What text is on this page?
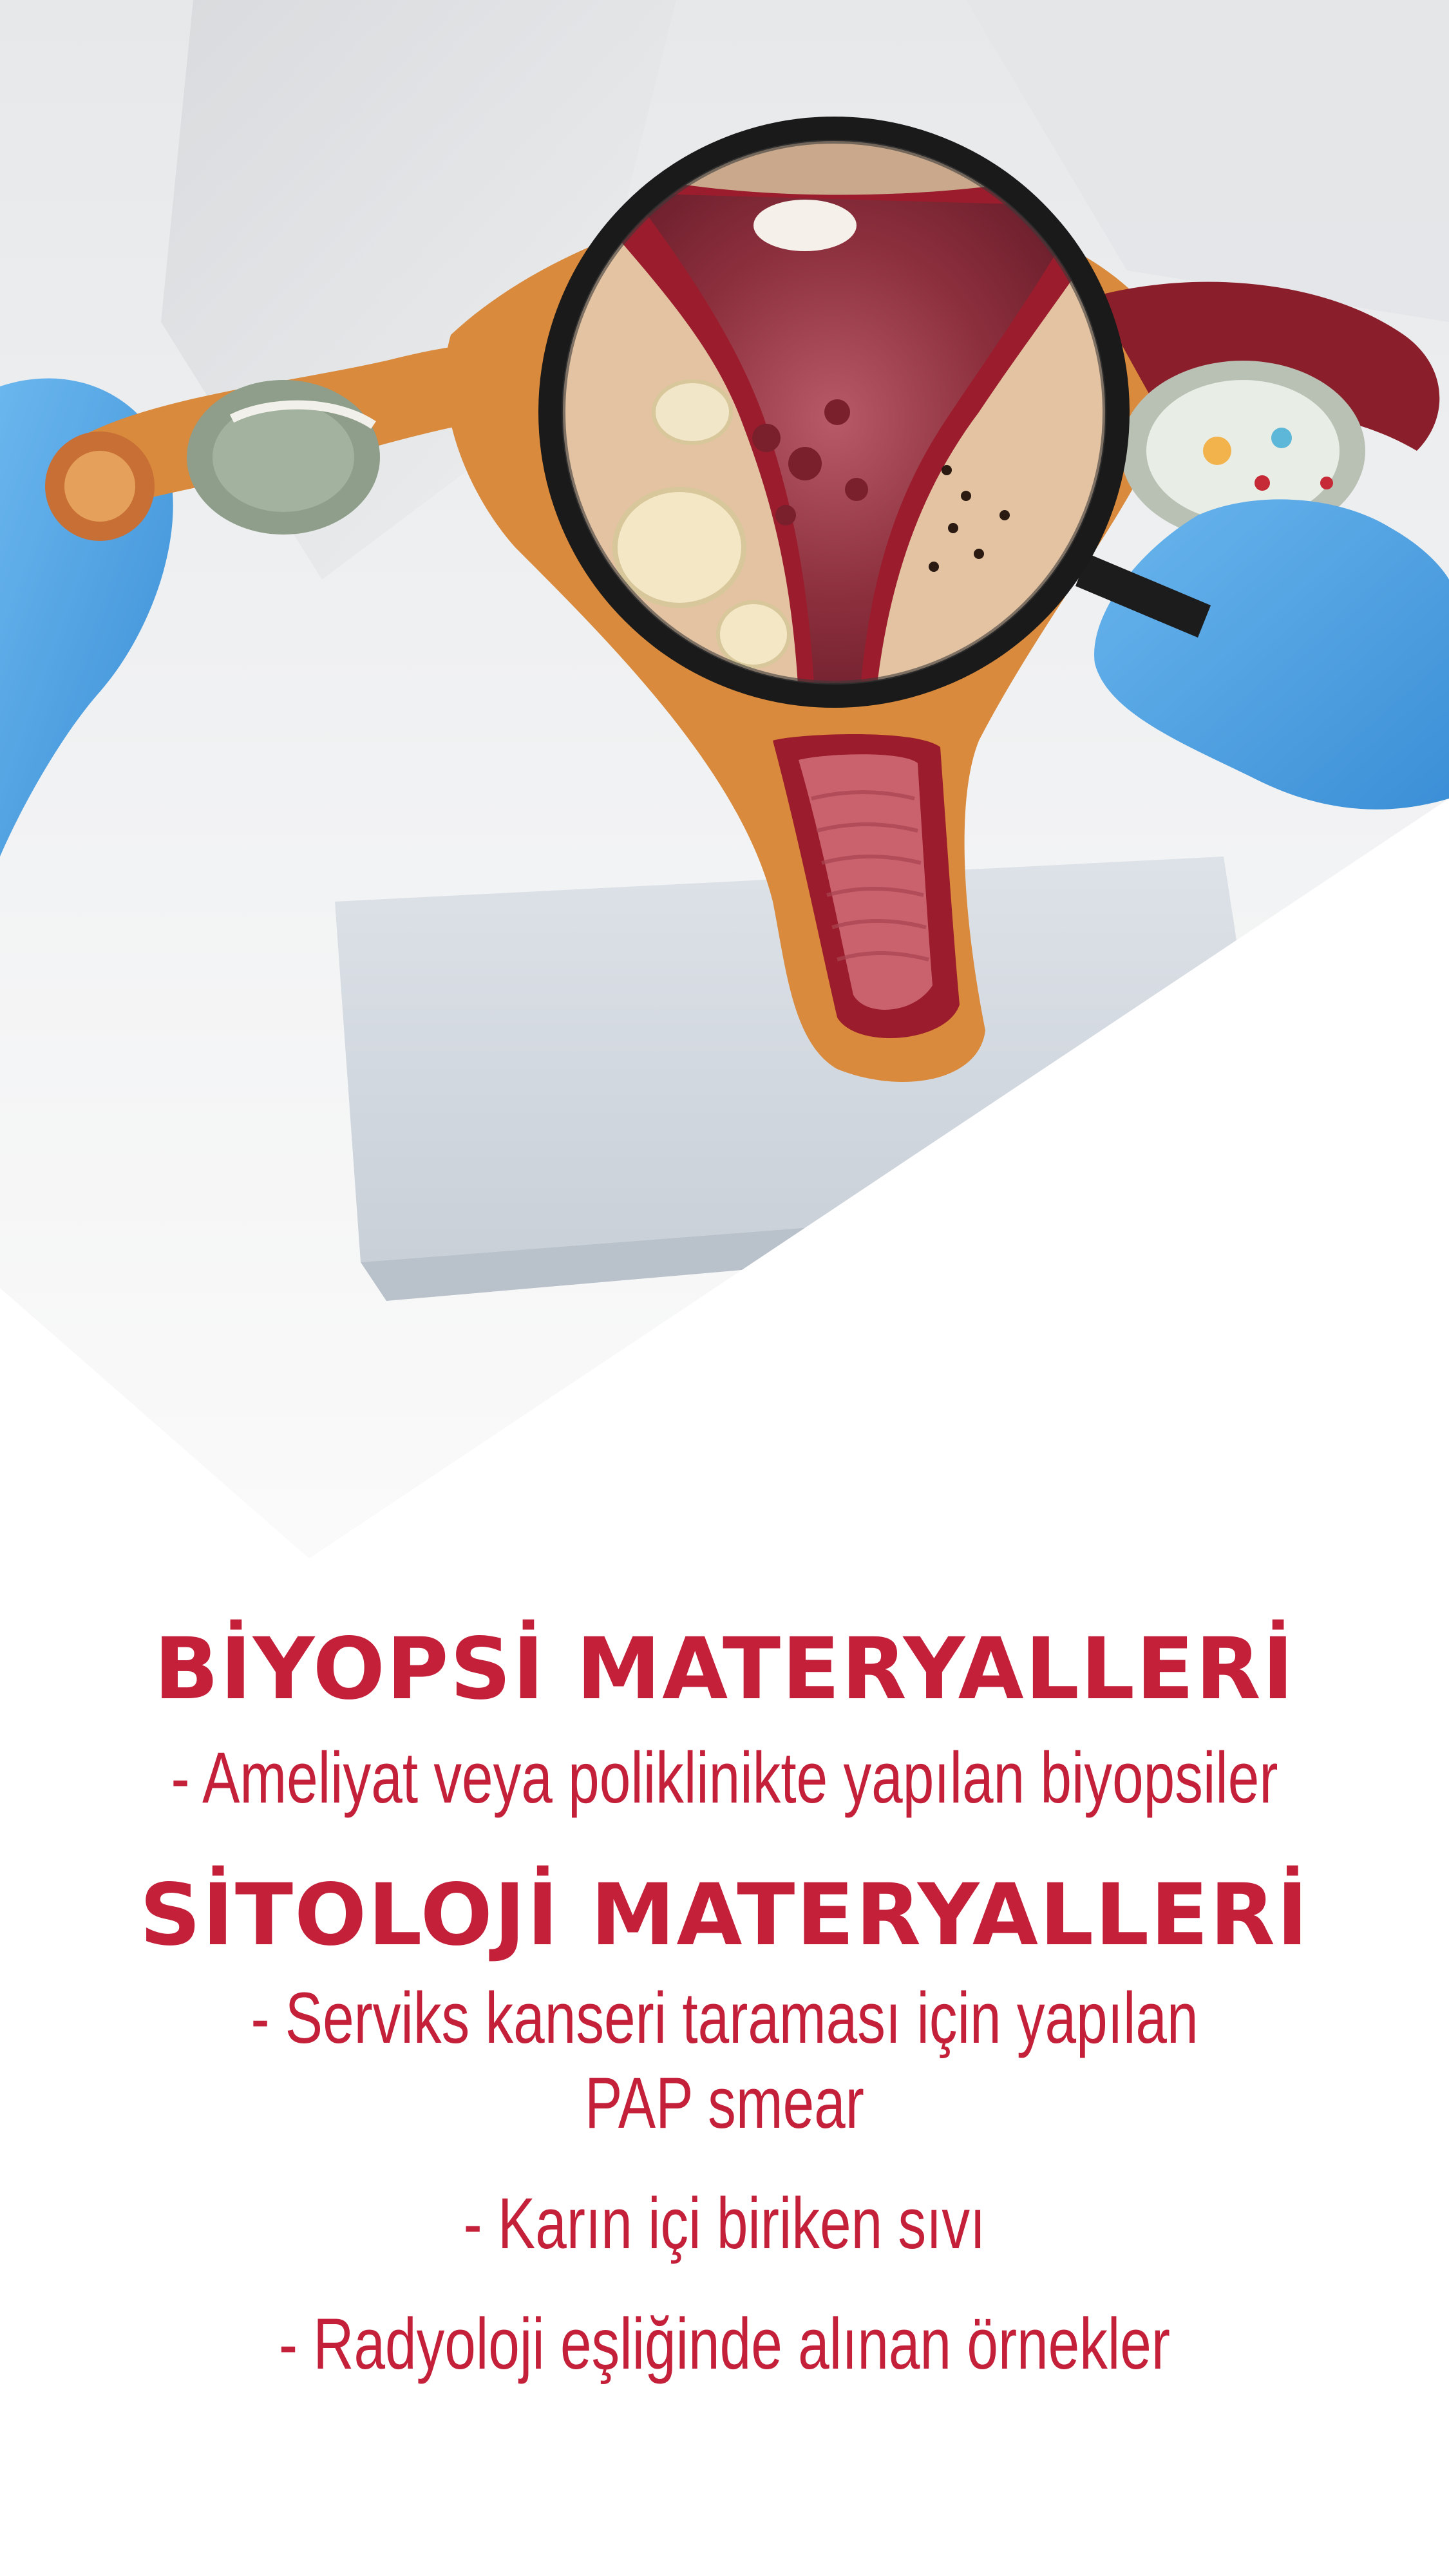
BİYOPSİ MATERYALLERİ

- Ameliyat veya poliklinikte yapılan biyopsiler

SİTOLOJİ MATERYALLERİ

- Serviks kanseri taraması için yapılan

PAP smear

- Karın içi biriken sıvı

- Radyoloji eşliğinde alınan örnekler
